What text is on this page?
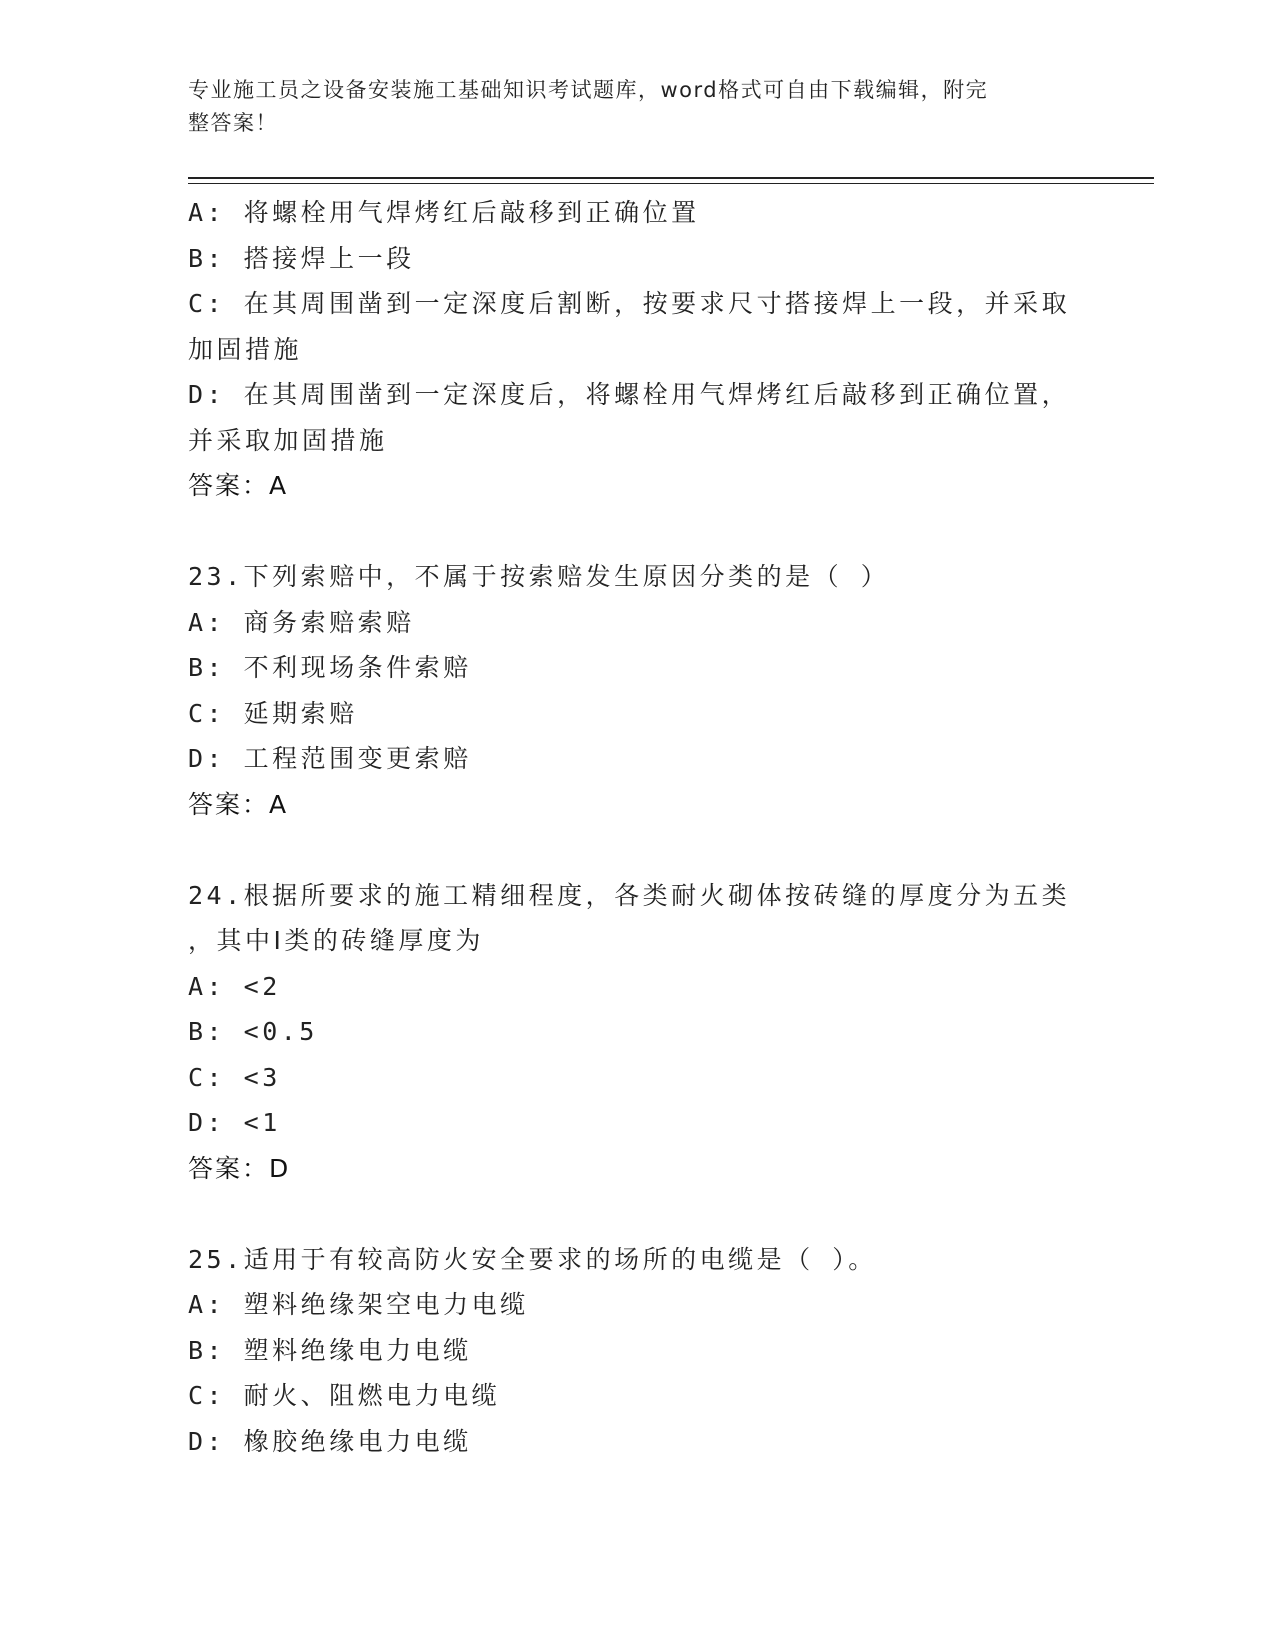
专业施工员之设备安装施工基础知识考试题库，word格式可自由下载编辑，附完
整答案！
A: 将螺栓用气焊烤红后敲移到正确位置
B: 搭接焊上一段
C: 在其周围凿到一定深度后割断，按要求尺寸搭接焊上一段，并采取
加固措施
D: 在其周围凿到一定深度后，将螺栓用气焊烤红后敲移到正确位置，
并采取加固措施
答案：A
23.下列索赔中，不属于按索赔发生原因分类的是（ ）
A: 商务索赔索赔
B: 不利现场条件索赔
C: 延期索赔
D: 工程范围变更索赔
答案：A
24.根据所要求的施工精细程度，各类耐火砌体按砖缝的厚度分为五类
，其中Ⅰ类的砖缝厚度为
A: <2
B: <0.5
C: <3
D: <1
答案：D
25.适用于有较高防火安全要求的场所的电缆是（ ）。
A: 塑料绝缘架空电力电缆
B: 塑料绝缘电力电缆
C: 耐火、阻燃电力电缆
D: 橡胶绝缘电力电缆
